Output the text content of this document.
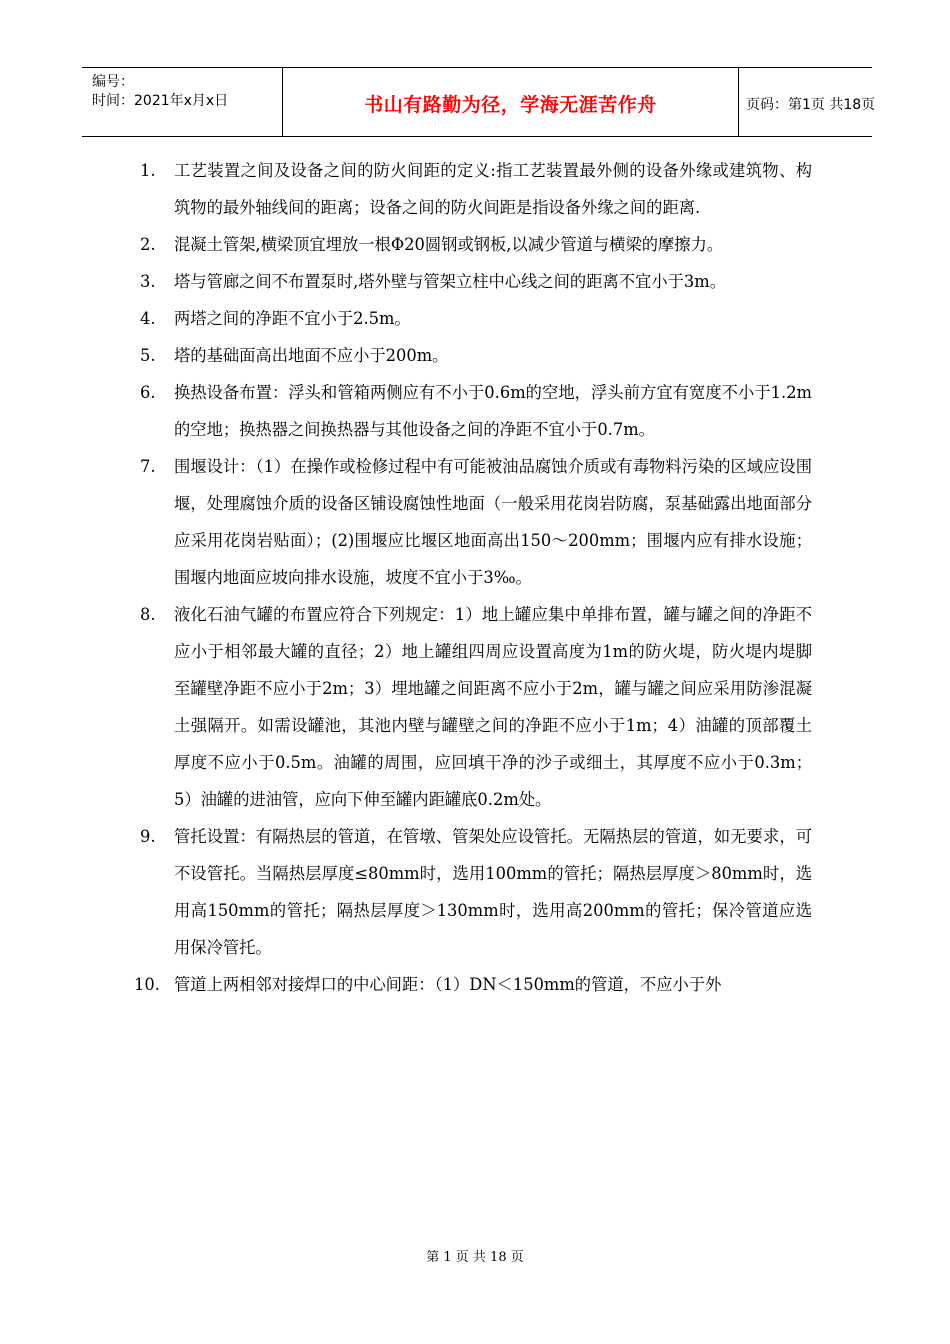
编号：
时间：2021年x月x日	书山有路勤为径，学海无涯苦作舟	页码：第1页 共18页
1. 工艺装置之间及设备之间的防火间距的定义:指工艺装置最外侧的设备外缘或建筑物、构筑物的最外轴线间的距离；设备之间的防火间距是指设备外缘之间的距离.
2. 混凝土管架,横梁顶宜埋放一根Φ20圆钢或钢板,以减少管道与横梁的摩擦力。
3. 塔与管廊之间不布置泵时,塔外壁与管架立柱中心线之间的距离不宜小于3m。
4. 两塔之间的净距不宜小于2.5m。
5. 塔的基础面高出地面不应小于200m。
6. 换热设备布置：浮头和管箱两侧应有不小于0.6m的空地，浮头前方宜有宽度不小于1.2m的空地；换热器之间换热器与其他设备之间的净距不宜小于0.7m。
7. 围堰设计：（1）在操作或检修过程中有可能被油品腐蚀介质或有毒物料污染的区域应设围堰，处理腐蚀介质的设备区铺设腐蚀性地面（一般采用花岗岩防腐，泵基础露出地面部分应采用花岗岩贴面）；(2)围堰应比堰区地面高出150～200mm；围堰内应有排水设施；围堰内地面应坡向排水设施，坡度不宜小于3‰。
8. 液化石油气罐的布置应符合下列规定：1）地上罐应集中单排布置，罐与罐之间的净距不应小于相邻最大罐的直径；2）地上罐组四周应设置高度为1m的防火堤，防火堤内堤脚至罐壁净距不应小于2m；3）埋地罐之间距离不应小于2m，罐与罐之间应采用防渗混凝土强隔开。如需设罐池，其池内壁与罐壁之间的净距不应小于1m；4）油罐的顶部覆土厚度不应小于0.5m。油罐的周围，应回填干净的沙子或细土，其厚度不应小于0.3m；5）油罐的进油管，应向下伸至罐内距罐底0.2m处。
9. 管托设置：有隔热层的管道，在管墩、管架处应设管托。无隔热层的管道，如无要求，可不设管托。当隔热层厚度≤80mm时，选用100mm的管托；隔热层厚度＞80mm时，选用高150mm的管托；隔热层厚度＞130mm时，选用高200mm的管托；保冷管道应选用保冷管托。
10. 管道上两相邻对接焊口的中心间距：（1）DN＜150mm的管道，不应小于外
第 1 页 共 18 页
